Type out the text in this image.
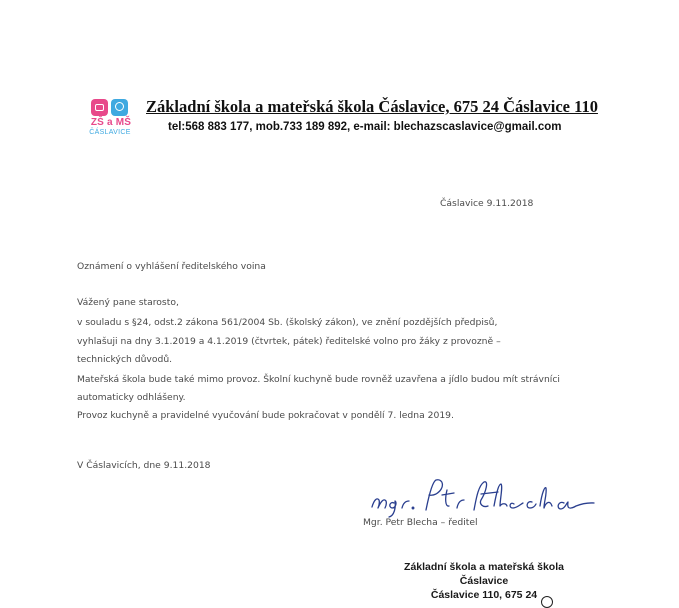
ZŠ a MŠ
ČÁSLAVICE
Základní škola a mateřská škola Čáslavice, 675 24 Čáslavice 110
tel:568 883 177, mob.733 189 892, e-mail: blechazscaslavice@gmail.com
Čáslavice 9.11.2018
Oznámení o vyhlášení ředitelského voina
Vážený pane starosto,
v souladu s §24, odst.2 zákona 561/2004 Sb. (školský zákon), ve znění pozdějších předpisů,
vyhlašuji na dny 3.1.2019 a 4.1.2019 (čtvrtek, pátek) ředitelské volno pro žáky z provozně –
technických důvodů.
Mateřská škola bude také mimo provoz. Školní kuchyně bude rovněž uzavřena a jídlo budou mít strávníci
automaticky odhlášeny.
Provoz kuchyně a pravidelné vyučování bude pokračovat v pondělí 7. ledna 2019.
V Čáslavicích, dne 9.11.2018
Mgr. Petr Blecha – ředitel
Základní škola a mateřská škola
Čáslavice
Čáslavice 110, 675 24
